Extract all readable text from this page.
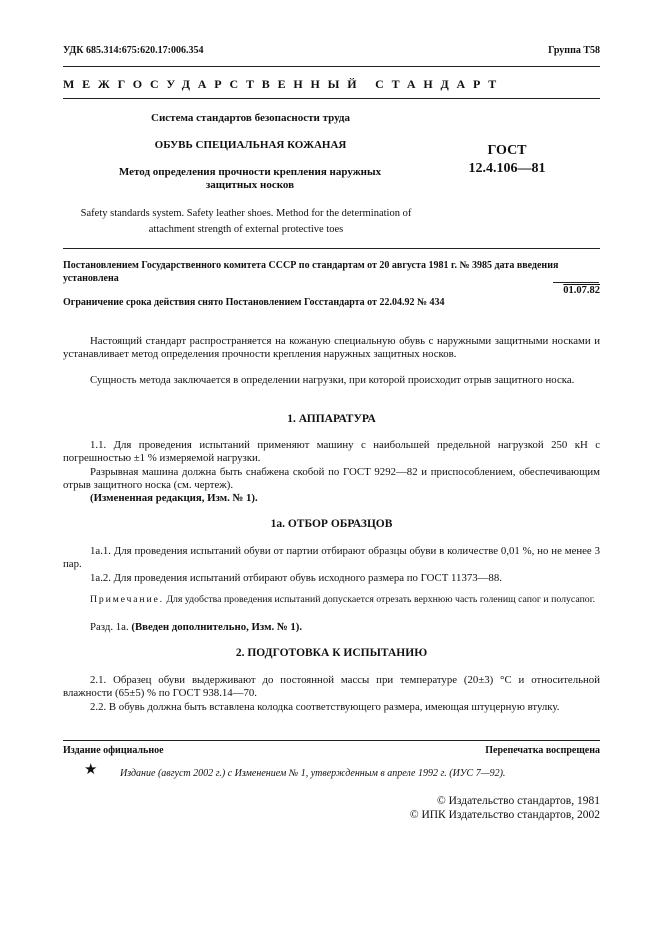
УДК 685.314:675:620.17:006.354	Группа Т58
МЕЖГОСУДАРСТВЕННЫЙ СТАНДАРТ
Система стандартов безопасности труда
ОБУВЬ СПЕЦИАЛЬНАЯ КОЖАНАЯ
Метод определения прочности крепления наружных защитных носков
ГОСТ
12.4.106—81
Safety standards system. Safety leather shoes. Method for the determination of attachment strength of external protective toes
Постановлением Государственного комитета СССР по стандартам от 20 августа 1981 г. № 3985 дата введения установлена
01.07.82
Ограничение срока действия снято Постановлением Госстандарта от 22.04.92 № 434
Настоящий стандарт распространяется на кожаную специальную обувь с наружными защитными носками и устанавливает метод определения прочности крепления наружных защитных носков.
Сущность метода заключается в определении нагрузки, при которой происходит отрыв защитного носка.
1. АППАРАТУРА
1.1. Для проведения испытаний применяют машину с наибольшей предельной нагрузкой 250 кН с погрешностью ±1 % измеряемой нагрузки.
Разрывная машина должна быть снабжена скобой по ГОСТ 9292—82 и приспособлением, обеспечивающим отрыв защитного носка (см. чертеж).
(Измененная редакция, Изм. № 1).
1а. ОТБОР ОБРАЗЦОВ
1а.1. Для проведения испытаний обуви от партии отбирают образцы обуви в количестве 0,01 %, но не менее 3 пар.
1а.2. Для проведения испытаний отбирают обувь исходного размера по ГОСТ 11373—88.
Примечание. Для удобства проведения испытаний допускается отрезать верхнюю часть голенищ сапог и полусапог.
Разд. 1а. (Введен дополнительно, Изм. № 1).
2. ПОДГОТОВКА К ИСПЫТАНИЮ
2.1. Образец обуви выдерживают до постоянной массы при температуре (20±3) °С и относительной влажности (65±5) % по ГОСТ 938.14—70.
2.2. В обувь должна быть вставлена колодка соответствующего размера, имеющая штуцерную втулку.
Издание официальное	Перепечатка воспрещена
★ Издание (август 2002 г.) с Изменением № 1, утвержденным в апреле 1992 г. (ИУС 7—92).
© Издательство стандартов, 1981
© ИПК Издательство стандартов, 2002
